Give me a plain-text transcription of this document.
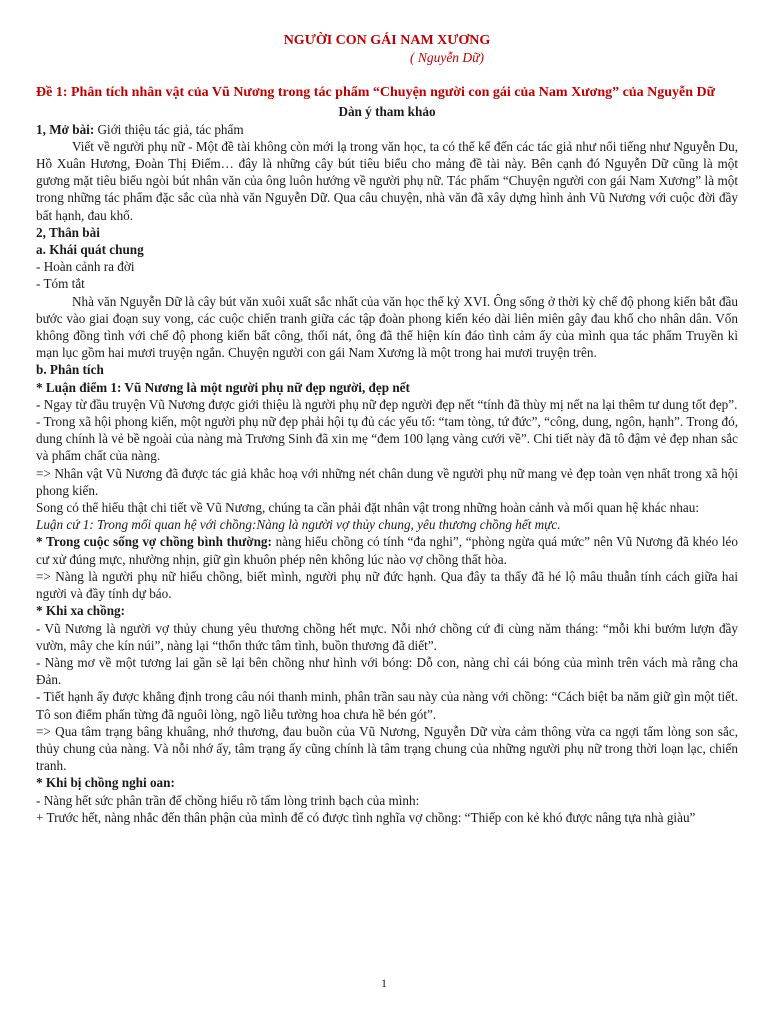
NGƯỜI CON GÁI NAM XƯƠNG
( Nguyễn Dữ)
Đề 1: Phân tích nhân vật của Vũ Nương trong tác phẩm “Chuyện người con gái của Nam Xương” của Nguyễn Dữ
Dàn ý tham khảo

1, Mở bài: Giới thiệu tác giả, tác phẩm

Viết về người phụ nữ - Một đề tài không còn mới lạ trong văn học, ta có thể kể đến các tác giả như nổi tiếng như Nguyễn Du, Hồ Xuân Hương, Đoàn Thị Điểm… đây là những cây bút tiêu biểu cho mảng đề tài này. Bên cạnh đó Nguyễn Dữ cũng là một gương mặt tiêu biểu ngòi bút nhân văn của ông luôn hướng về người phụ nữ. Tác phẩm “Chuyện người con gái Nam Xương” là một trong những tác phẩm đặc sắc của nhà văn Nguyễn Dữ. Qua câu chuyện, nhà văn đã xây dựng hình ảnh Vũ Nương với cuộc đời đầy bất hạnh, đau khổ.

2, Thân bài

a. Khái quát chung

- Hoàn cảnh ra đời

- Tóm tắt

Nhà văn Nguyễn Dữ là cây bút văn xuôi xuất sắc nhất của văn học thế kỷ XVI. Ông sống ở thời kỳ chế độ phong kiến bắt đầu bước vào giai đoạn suy vong, các cuộc chiến tranh giữa các tập đoàn phong kiến kéo dài liên miên gây đau khổ cho nhân dân. Vốn không đồng tình với chế độ phong kiến bất công, thối nát, ông đã thể hiện kín đáo tình cảm ấy của mình qua tác phẩm Truyền kì mạn lục gồm hai mươi truyện ngắn. Chuyện người con gái Nam Xương là một trong hai mươi truyện trên.

b. Phân tích

* Luận điểm 1: Vũ Nương là một người phụ nữ đẹp người, đẹp nết

- Ngay từ đầu truyện Vũ Nương được giới thiệu là người phụ nữ đẹp người đẹp nết “tính đã thùy mị nết na lại thêm tư dung tốt đẹp”.

- Trong xã hội phong kiến, một người phụ nữ đẹp phải hội tụ đủ các yếu tố: “tam tòng, tứ đức”, “công, dung, ngôn, hạnh”. Trong đó, dung chính là vẻ bề ngoài của nàng mà Trương Sinh đã xin mẹ “đem 100 lạng vàng cưới về”. Chi tiết này đã tô đậm vẻ đẹp nhan sắc và phẩm chất của nàng.

=> Nhân vật Vũ Nương đã được tác giả khắc hoạ với những nét chân dung về người phụ nữ mang vẻ đẹp toàn vẹn nhất trong xã hội phong kiến.

Song có thể hiểu thật chi tiết về Vũ Nương, chúng ta cần phải đặt nhân vật trong những hoàn cảnh và mối quan hệ khác nhau:

Luận cứ 1: Trong mối quan hệ với chồng:Nàng là người vợ thủy chung, yêu thương chồng hết mực.

* Trong cuộc sống vợ chồng bình thường: nàng hiểu chồng có tính “đa nghi”, “phòng ngừa quá mức” nên Vũ Nương đã khéo léo cư xử đúng mực, nhường nhịn, giữ gìn khuôn phép nên không lúc nào vợ chồng thất hòa.

=> Nàng là người phụ nữ hiểu chồng, biết mình, người phụ nữ đức hạnh. Qua đây ta thấy đã hé lộ mâu thuẫn tính cách giữa hai người và đầy tính dự báo.

* Khi xa chồng:

- Vũ Nương là người vợ thủy chung yêu thương chồng hết mực. Nỗi nhớ chồng cứ đi cùng năm tháng: “mỗi khi bướm lượn đầy vườn, mây che kín núi”, nàng lại “thổn thức tâm tình, buồn thương đã diết”.

- Nàng mơ về một tương lai gần sẽ lại bên chồng như hình với bóng: Dỗ con, nàng chỉ cái bóng của mình trên vách mà rằng cha Đản.

- Tiết hạnh ấy được khẳng định trong câu nói thanh minh, phân trần sau này của nàng với chồng: “Cách biệt ba năm giữ gìn một tiết. Tô son điểm phấn từng đã nguôi lòng, ngõ liễu tường hoa chưa hề bén gót”.

=> Qua tâm trạng bâng khuâng, nhớ thương, đau buồn của Vũ Nương, Nguyễn Dữ vừa cảm thông vừa ca ngợi tấm lòng son sắc, thủy chung của nàng. Và nỗi nhớ ấy, tâm trạng ấy cũng chính là tâm trạng chung của những người phụ nữ trong thời loạn lạc, chiến tranh.

* Khi bị chồng nghi oan:

- Nàng hết sức phân trần để chồng hiểu rõ tấm lòng trinh bạch của mình:

+ Trước hết, nàng nhắc đến thân phận của mình để có được tình nghĩa vợ chồng: “Thiếp con kẻ khó được nâng tựa nhà giàu”

1
